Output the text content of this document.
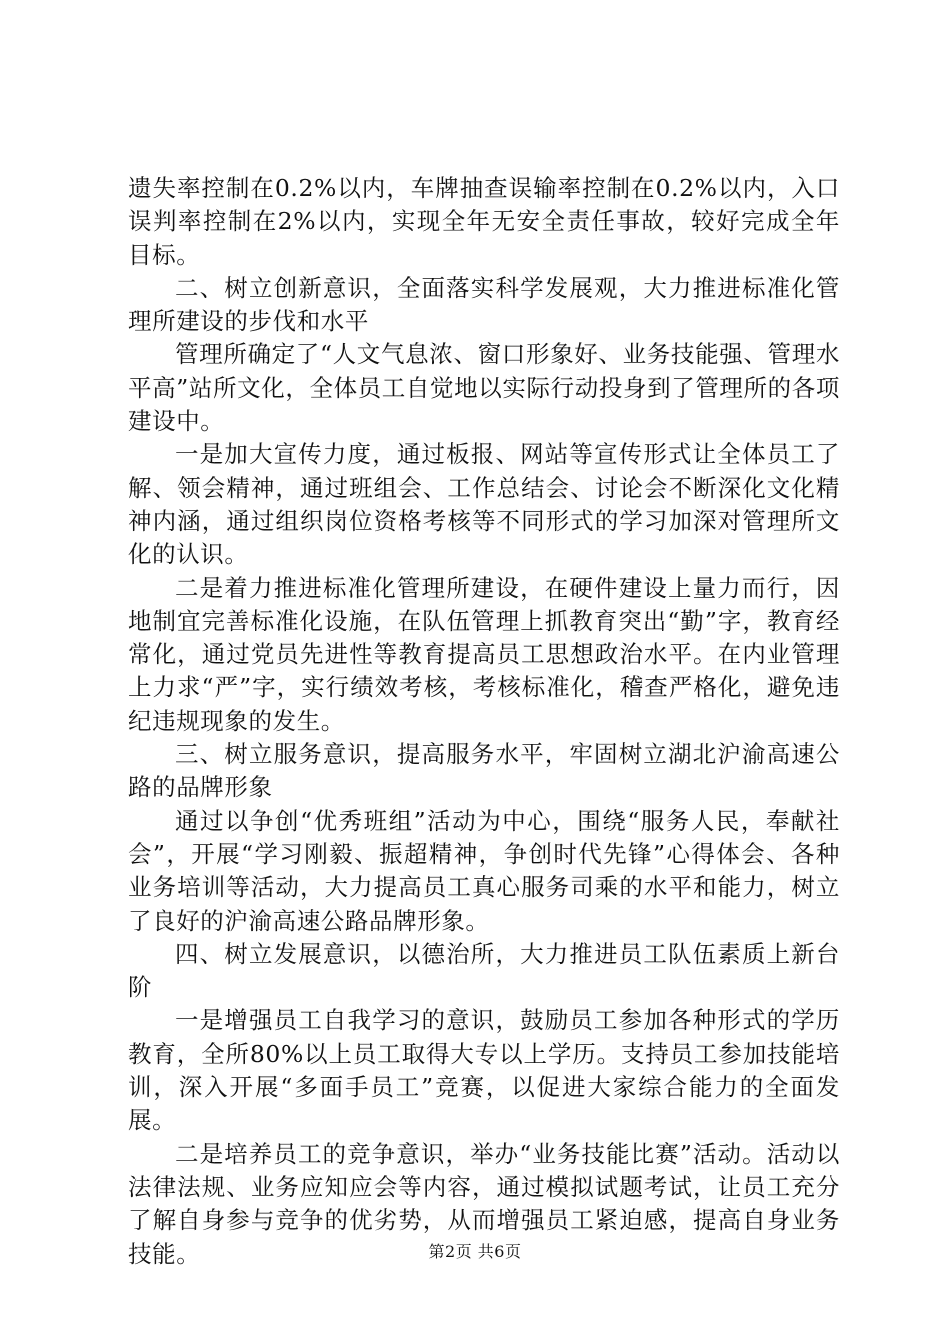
遗失率控制在0.2%以内，车牌抽查误输率控制在0.2%以内，入口误判率控制在2%以内，实现全年无安全责任事故，较好完成全年目标。

二、树立创新意识，全面落实科学发展观，大力推进标准化管理所建设的步伐和水平

管理所确定了“人文气息浓、窗口形象好、业务技能强、管理水平高”站所文化，全体员工自觉地以实际行动投身到了管理所的各项建设中。

一是加大宣传力度，通过板报、网站等宣传形式让全体员工了解、领会精神，通过班组会、工作总结会、讨论会不断深化文化精神内涵，通过组织岗位资格考核等不同形式的学习加深对管理所文化的认识。

二是着力推进标准化管理所建设，在硬件建设上量力而行，因地制宜完善标准化设施，在队伍管理上抓教育突出“勤”字，教育经常化，通过党员先进性等教育提高员工思想政治水平。在内业管理上力求“严”字，实行绩效考核，考核标准化，稽查严格化，避免违纪违规现象的发生。

三、树立服务意识，提高服务水平，牢固树立湖北沪渝高速公路的品牌形象

通过以争创“优秀班组”活动为中心，围绕“服务人民，奉献社会”，开展“学习刚毅、振超精神，争创时代先锋”心得体会、各种业务培训等活动，大力提高员工真心服务司乘的水平和能力，树立了良好的沪渝高速公路品牌形象。

四、树立发展意识，以德治所，大力推进员工队伍素质上新台阶

一是增强员工自我学习的意识，鼓励员工参加各种形式的学历教育，全所80%以上员工取得大专以上学历。支持员工参加技能培训，深入开展“多面手员工”竞赛，以促进大家综合能力的全面发展。

二是培养员工的竞争意识，举办“业务技能比赛”活动。活动以法律法规、业务应知应会等内容，通过模拟试题考试，让员工充分了解自身参与竞争的优劣势，从而增强员工紧迫感，提高自身业务技能。	第2页 共6页
